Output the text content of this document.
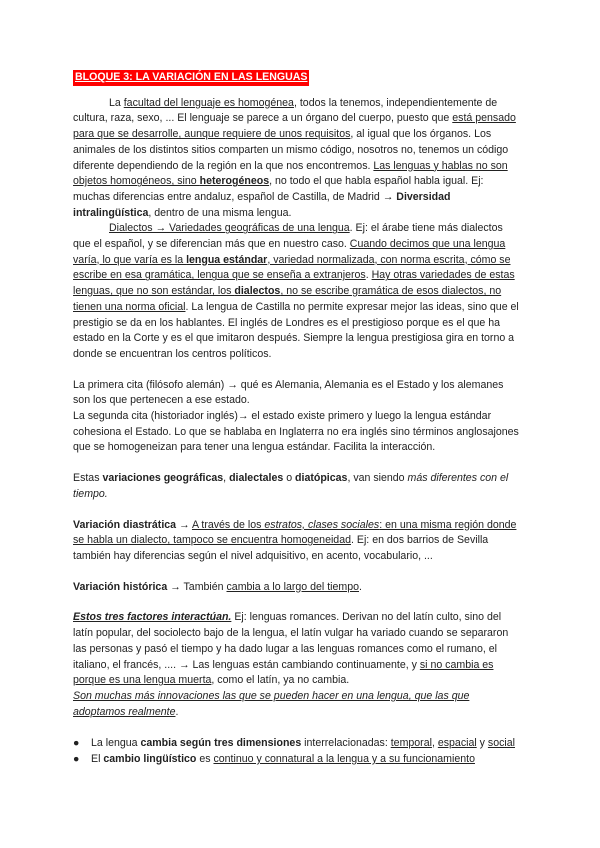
BLOQUE 3: LA VARIACIÓN EN LAS LENGUAS

La facultad del lenguaje es homogénea, todos la tenemos, independientemente de cultura, raza, sexo, ... El lenguaje se parece a un órgano del cuerpo, puesto que está pensado para que se desarrolle, aunque requiere de unos requisitos, al igual que los órganos. Los animales de los distintos sitios comparten un mismo código, nosotros no, tenemos un código diferente dependiendo de la región en la que nos encontremos. Las lenguas y hablas no son objetos homogéneos, sino heterogéneos, no todo el que habla español habla igual. Ej: muchas diferencias entre andaluz, español de Castilla, de Madrid → Diversidad intralingüística, dentro de una misma lengua.

Dialectos → Variedades geográficas de una lengua. Ej: el árabe tiene más dialectos que el español, y se diferencian más que en nuestro caso. Cuando decimos que una lengua varía, lo que varía es la lengua estándar, variedad normalizada, con norma escrita, cómo se escribe en esa gramática, lengua que se enseña a extranjeros. Hay otras variedades de estas lenguas, que no son estándar, los dialectos, no se escribe gramática de esos dialectos, no tienen una norma oficial. La lengua de Castilla no permite expresar mejor las ideas, sino que el prestigio se da en los hablantes. El inglés de Londres es el prestigioso porque es el que ha estado en la Corte y es el que imitaron después. Siempre la lengua prestigiosa gira en torno a donde se encuentran los centros políticos.

La primera cita (filósofo alemán) → qué es Alemania, Alemania es el Estado y los alemanes son los que pertenecen a ese estado.

La segunda cita (historiador inglés)→ el estado existe primero y luego la lengua estándar cohesiona el Estado. Lo que se hablaba en Inglaterra no era inglés sino términos anglosajones que se homogeneizan para tener una lengua estándar. Facilita la interacción.

Estas variaciones geográficas, dialectales o diatópicas, van siendo más diferentes con el tiempo.

Variación diastrática → A través de los estratos, clases sociales: en una misma región donde se habla un dialecto, tampoco se encuentra homogeneidad. Ej: en dos barrios de Sevilla también hay diferencias según el nivel adquisitivo, en acento, vocabulario, ...

Variación histórica → También cambia a lo largo del tiempo.

Estos tres factores interactúan. Ej: lenguas romances. Derivan no del latín culto, sino del latín popular, del sociolecto bajo de la lengua, el latín vulgar ha variado cuando se separaron las personas y pasó el tiempo y ha dado lugar a las lenguas romances como el rumano, el italiano, el francés, .... → Las lenguas están cambiando continuamente, y si no cambia es porque es una lengua muerta, como el latín, ya no cambia.

Son muchas más innovaciones las que se pueden hacer en una lengua, que las que adoptamos realmente.

● La lengua cambia según tres dimensiones interrelacionadas: temporal, espacial y social
● El cambio lingüístico es continuo y connatural a la lengua y a su funcionamiento
